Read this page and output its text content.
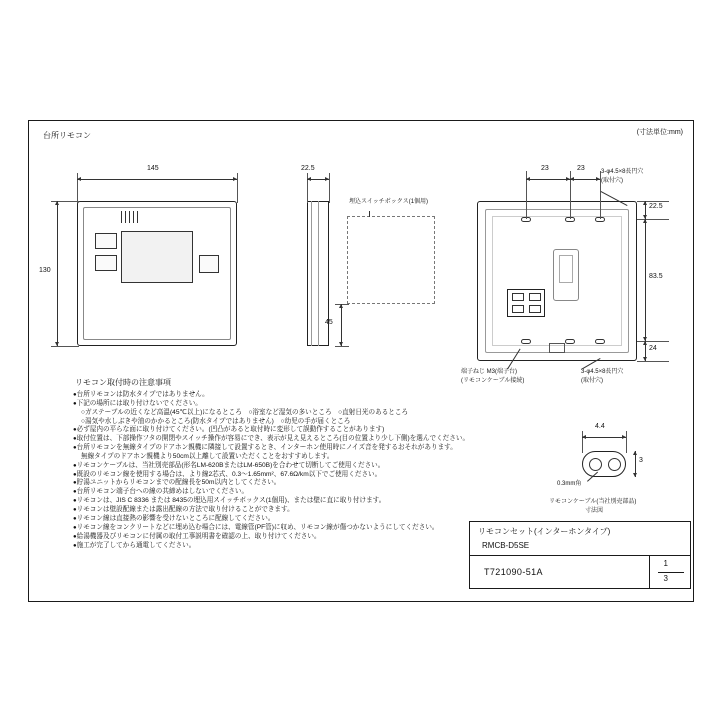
台所リモコン	(寸法単位:mm)
145
130
22.5
45
埋込スイッチボックス(1個用)
23	23
22.5
83.5
24
3-φ4.5×8長円穴
(取付穴)
3-φ4.5×8長円穴
(取付穴)
端子ねじ M3(端子台)
(リモコンケーブル接続)
4.4
3
0.3mm角
リモコンケーブル(当社別売部品)
寸法図
リモコン取付時の注意事項
●台所リモコンは防水タイプではありません。
●下記の場所には取り付けないでください。
○ガステーブルの近くなど高温(45℃以上)になるところ　○浴室など湿気の多いところ　○直射日光のあるところ
○湯気や水しぶきや油のかかるところ(防水タイプではありません)　○幼児の手が届くところ
●必ず屋内の平らな面に取り付けてください。(凹凸があると取付時に変形して誤動作することがあります)
●取付位置は、下部操作フタの開閉やスイッチ操作が容易にでき、表示が見え見えるところ(目の位置より少し下側)を選んでください。
●台所リモコンを無線タイプのドアホン親機に隣接して設置するとき、インターホン使用時にノイズ音を発するおそれがあります。
無線タイプのドアホン親機より50cm以上離して設置いただくことをおすすめします。
●リモコンケーブルは、当社別売部品(形名LM-620BまたはLM-650B)を合わせて切断してご使用ください。
●既設のリモコン線を使用する場合は、より線2芯式、0.3〜1.65mm²、67.6Ω/km以下でご使用ください。
●貯湯ユニットからリモコンまでの配線長を50m以内としてください。
●台所リモコン端子台への線の共締めはしないでください。
●リモコンは、JIS C 8336 または 8435の埋込用スイッチボックス(1個用)、または壁に直に取り付けます。
●リモコンは壁設配線または露出配線の方法で取り付けることができます。
●リモコン線は直接熱の影響を受けないところに配線してください。
●リモコン線をコンクリートなどに埋め込む場合には、電線管(PF管)に収め、リモコン線が傷つかないようにしてください。
●給湯機器及びリモコンに付属の取付工事説明書を確認の上、取り付けてください。
●施工が完了してから通電してください。
リモコンセット(インターホンタイプ)
RMCB-D5SE
T721090-51A
1
3
